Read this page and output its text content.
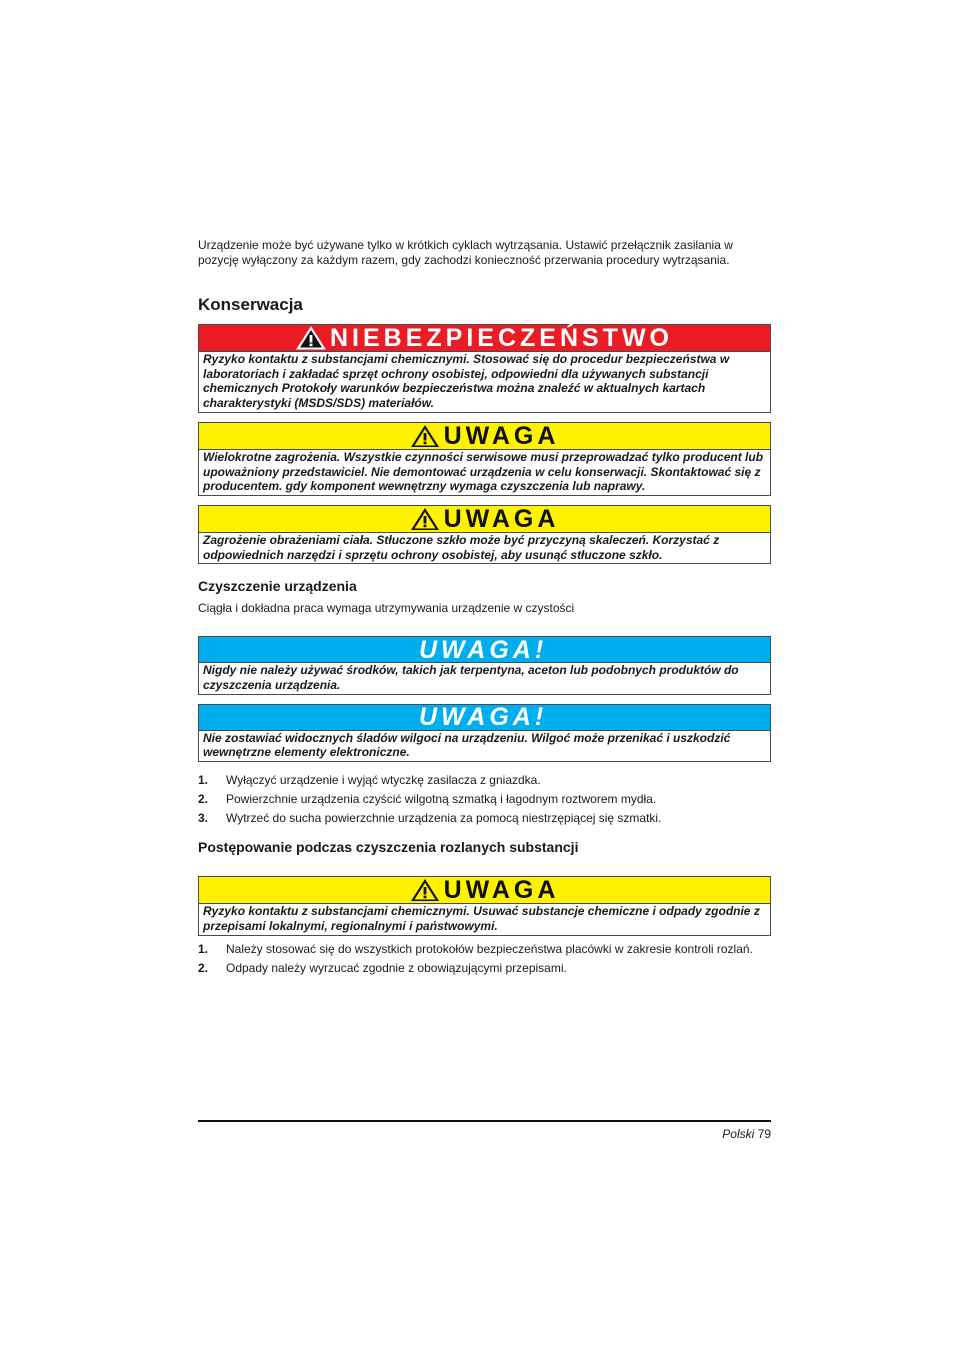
Urządzenie może być używane tylko w krótkich cyklach wytrząsania. Ustawić przełącznik zasilania w pozycję wyłączony za każdym razem, gdy zachodzi konieczność przerwania procedury wytrząsania.

Konserwacja
NIEBEZPIECZEŃSTWO
Ryzyko kontaktu z substancjami chemicznymi. Stosować się do procedur bezpieczeństwa w laboratoriach i zakładać sprzęt ochrony osobistej, odpowiedni dla używanych substancji chemicznych Protokoły warunków bezpieczeństwa można znaleźć w aktualnych kartach charakterystyki (MSDS/SDS) materiałów.
UWAGA
Wielokrotne zagrożenia. Wszystkie czynności serwisowe musi przeprowadzać tylko producent lub upoważniony przedstawiciel. Nie demontować urządzenia w celu konserwacji. Skontaktować się z producentem. gdy komponent wewnętrzny wymaga czyszczenia lub naprawy.
UWAGA
Zagrożenie obrażeniami ciała. Stłuczone szkło może być przyczyną skaleczeń. Korzystać z odpowiednich narzędzi i sprzętu ochrony osobistej, aby usunąć stłuczone szkło.
Czyszczenie urządzenia

Ciągła i dokładna praca wymaga utrzymywania urządzenie w czystości

UWAGA!
Nigdy nie należy używać środków, takich jak terpentyna, aceton lub podobnych produktów do czyszczenia urządzenia.
UWAGA!
Nie zostawiać widocznych śladów wilgoci na urządzeniu. Wilgoć może przenikać i uszkodzić wewnętrzne elementy elektroniczne.
1.	Wyłączyć urządzenie i wyjąć wtyczkę zasilacza z gniazdka.
2.	Powierzchnie urządzenia czyścić wilgotną szmatką i łagodnym roztworem mydła.
3.	Wytrzeć do sucha powierzchnie urządzenia za pomocą niestrzępiącej się szmatki.
Postępowanie podczas czyszczenia rozlanych substancji
UWAGA
Ryzyko kontaktu z substancjami chemicznymi. Usuwać substancje chemiczne i odpady zgodnie z przepisami lokalnymi, regionalnymi i państwowymi.
1.	Należy stosować się do wszystkich protokołów bezpieczeństwa placówki w zakresie kontroli rozlań.
2.	Odpady należy wyrzucać zgodnie z obowiązującymi przepisami.
Polski 79
